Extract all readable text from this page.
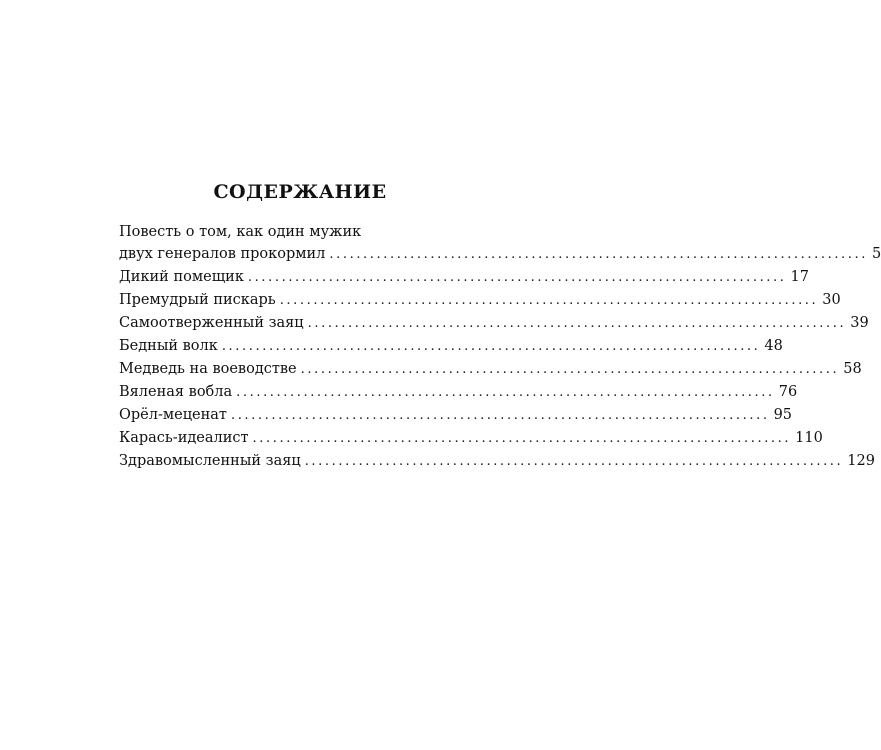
СОДЕРЖАНИЕ
Повесть о том, как один мужик
двух генералов прокормил ................................................................................ 5
Дикий помещик ................................................................................ 17
Премудрый пискарь ................................................................................ 30
Самоотверженный заяц ................................................................................ 39
Бедный волк ................................................................................ 48
Медведь на воеводстве ................................................................................ 58
Вяленая вобла ................................................................................ 76
Орёл-меценат ................................................................................ 95
Карась-идеалист ................................................................................ 110
Здравомысленный заяц ................................................................................ 129
